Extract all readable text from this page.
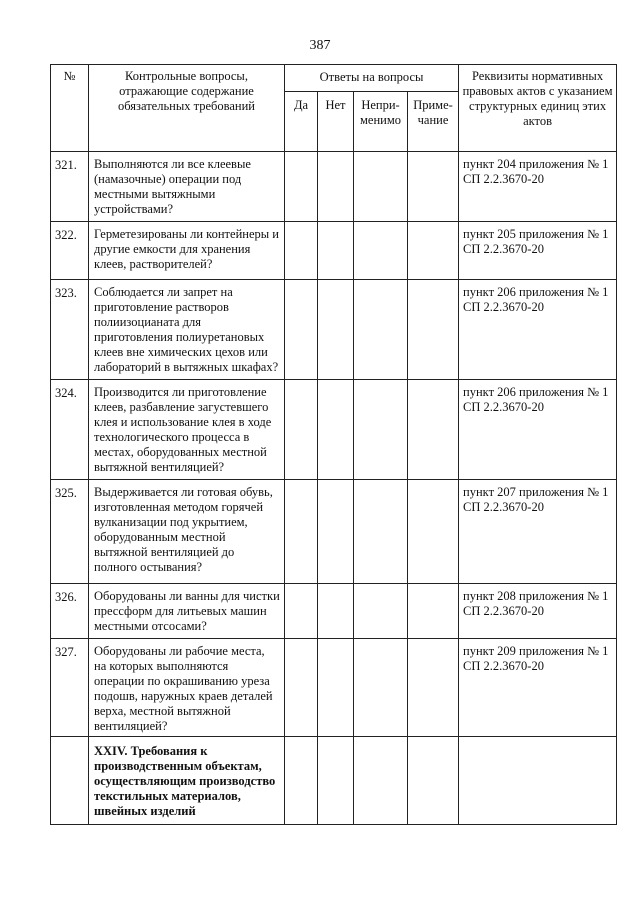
387
№	Контрольные вопросы, отражающие содержание обязательных требований	Ответы на вопросы				Реквизиты нормативных правовых актов с указанием структурных единиц этих актов

		Да	Нет	Непри-менимо	Приме-чание	

321.	Выполняются ли все клеевые (намазочные) операции под местными вытяжными устройствами?					пункт 204 приложения № 1 СП 2.2.3670-20

322.	Герметезированы ли контейнеры и другие емкости для хранения клеев, растворителей?					пункт 205 приложения № 1 СП 2.2.3670-20

323.	Соблюдается ли запрет на приготовление растворов полиизоцианата для приготовления полиуретановых клеев вне химических цехов или лабораторий в вытяжных шкафах?					пункт 206 приложения № 1 СП 2.2.3670-20

324.	Производится ли приготовление клеев, разбавление загустевшего клея и использование клея в ходе технологического процесса в местах, оборудованных местной вытяжной вентиляцией?					пункт 206 приложения № 1 СП 2.2.3670-20

325.	Выдерживается ли готовая обувь, изготовленная методом горячей вулканизации под укрытием, оборудованным местной вытяжной вентиляцией до полного остывания?					пункт 207 приложения № 1 СП 2.2.3670-20

326.	Оборудованы ли ванны для чистки прессформ для литьевых машин местными отсосами?					пункт 208 приложения № 1 СП 2.2.3670-20

327.	Оборудованы ли рабочие места, на которых выполняются операции по окрашиванию уреза подошв, наружных краев деталей верха, местной вытяжной вентиляцией?					пункт 209 приложения № 1 СП 2.2.3670-20

	XXIV. Требования к производственным объектам, осуществляющим производство текстильных материалов, швейных изделий					
